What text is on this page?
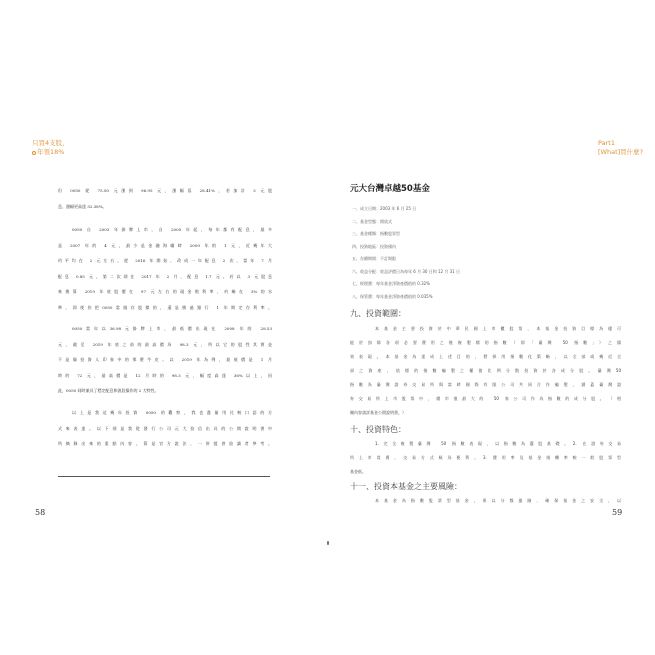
只買4支股，
年領18%
Part1
[What]買什麼?
但 0050 從 75.50 元漲到 96.95 元，漲幅爲 28.41%，若加計 3 元股
息，漲幅更高達 32.38%。
0050 自 2003 年掛牌上市，自 2005 年起，每年都有配息，最多
是 2007 年的 4 元，最少是金融海嘯時 2009 年的 1 元，近幾年大
約平均在 2 元左右。從 2016 年開始，改成一年配息 2 次，當年 7 月
配息 0.85 元、第二次則在 2017 年 2 月，配息 1.7 元。若以 3 元股息
來換算 2019 年底股價在 97 元左右的現金殖利率，約略在 3%的水
準，即使你把0050當做存股標的，還是勝過銀行 1 年期定存利率。
0050當年以36.98元掛牌上市，最低價出現在 2008 年的 28.53
元，截至 2019 年底之前的最高價為 98.3 元，所以它的股性其實並
不是像投資人印象中的那麼牛皮。以 2019 年為例，最低價是 1 月
時的 72 元，最高價是 12 月時的 98.3 元，幅度高達 36%以上，因
此，0050 同時兼具了穩定配息和波段操作的 2 大特性。
以上是我這幾年投資 0050 的觀察，我也盡量用比較口語的方
式來表達。以下則是我從發行公司元大投信出具的公開說明書中
所摘錄出來的重點內容，算是官方說法，一併提供給讀者參考。
58
元大台灣卓越50基金
一、成立日期：2003 年 6 月 25 日
二、基金型態：開放式
三、基金種類：指數股票型
四、投資地區：投資國內
五、存續期間：不訂期限
六、收益分配：收益評價日為每年 6 月 30 日和 12 月 31 日
七、經理費：每年基金淨資產價值的 0.32%
八、保管費：每年基金淨資產價值的 0.035%
九、投資範圍：
本基金主要投資於中華民國上市櫃股票，本基金投資目標為儘可
能於扣除各項必要費用之後複製標的指數（即「臺灣 50 指數」）之績
效表現。本基金為達成上述目的，將採用指數化策略，以全部或幾近全
部之資產，依標的指數編製之權值比例分散投資於各成分股。臺灣50
指數為臺灣證券交易所與富時國際有限公司共同合作編製，涵蓋臺灣證
券交易所上市股票中，總市值最大的 50 家公司作為指數的成分股。（相
關內容請詳基金公開說明書。）
十、投資特色：
1.完全複製臺灣 50 指數表現，以指數為選股基礎。2. 在證券交易
所上市買賣，交易方式極為便利。3. 費用率及基金週轉率較一般股票型
基金低。
十一、投資本基金之主要風險：
本基金為指數股票型基金，係以分散風險、確保基金之安全，以
59
